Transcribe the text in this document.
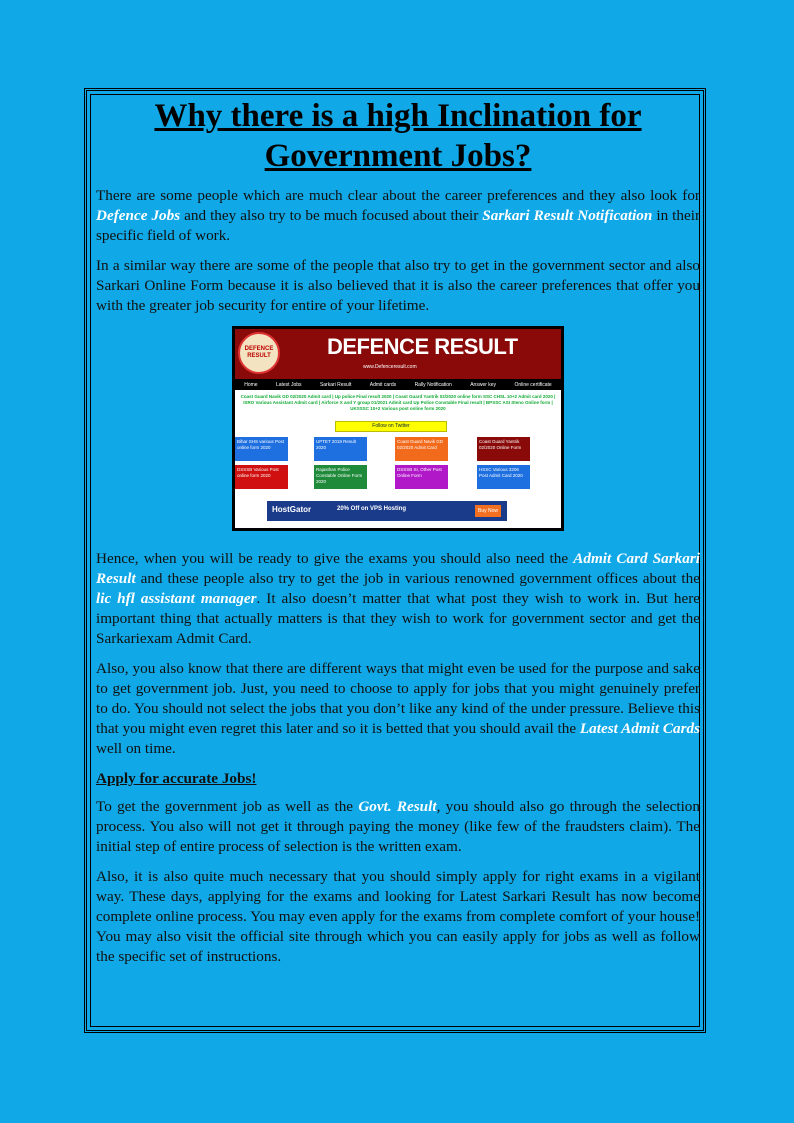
Why there is a high Inclination for Government Jobs?

There are some people which are much clear about the career preferences and they also look for Defence Jobs and they also try to be much focused about their Sarkari Result Notification in their specific field of work.

In a similar way there are some of the people that also try to get in the government sector and also Sarkari Online Form because it is also believed that it is also the career preferences that offer you with the greater job security for entire of your lifetime.

DEFENCE RESULT	DEFENCE RESULT
www.Defenceresult.com
Home	Latest Jobs	Sarkari Result	Admit cards	Rally Notification	Answer key	Online certificate
Coast Guard Navik GD 02/2020 Admit card | Up police Final result 2020 | Coast Guard Yantrik 02/2020 online form SSC CHSL 10+2 Admit card 2020 | ISRO Various Assistant Admit card | Airforce X and Y group 01/2021 Admit card Up Police Constable Final result | BPSSC ASI Steno Online form | UKSSSC 10+2 Various post online form 2020
Follow on Twitter
Bihar SHS various Post online form 2020
UPTET 2019 Result 2020
Coast Guard Navik GD 02/2020 Admit Card
Coast Guard Yantrik 02/2020 Online Form
DSSSB Various Post online form 2020
Rajasthan Police Constable Online Form 2020
DSSSB SI, Other Post Online Form
HSSC Various 3206 Post Admit Card 2020
HostGator	20% Off on VPS Hosting	Buy Now

Hence, when you will be ready to give the exams you should also need the Admit Card Sarkari Result and these people also try to get the job in various renowned government offices about the lic hfl assistant manager. It also doesn’t matter that what post they wish to work in. But here important thing that actually matters is that they wish to work for government sector and get the Sarkariexam Admit Card.

Also, you also know that there are different ways that might even be used for the purpose and sake to get government job. Just, you need to choose to apply for jobs that you might genuinely prefer to do. You should not select the jobs that you don’t like any kind of the under pressure. Believe this that you might even regret this later and so it is betted that you should avail the Latest Admit Cards well on time.

Apply for accurate Jobs!

To get the government job as well as the Govt. Result, you should also go through the selection process. You also will not get it through paying the money (like few of the fraudsters claim). The initial step of entire process of selection is the written exam.

Also, it is also quite much necessary that you should simply apply for right exams in a vigilant way. These days, applying for the exams and looking for Latest Sarkari Result has now become complete online process. You may even apply for the exams from complete comfort of your house! You may also visit the official site through which you can easily apply for jobs as well as follow the specific set of instructions.
